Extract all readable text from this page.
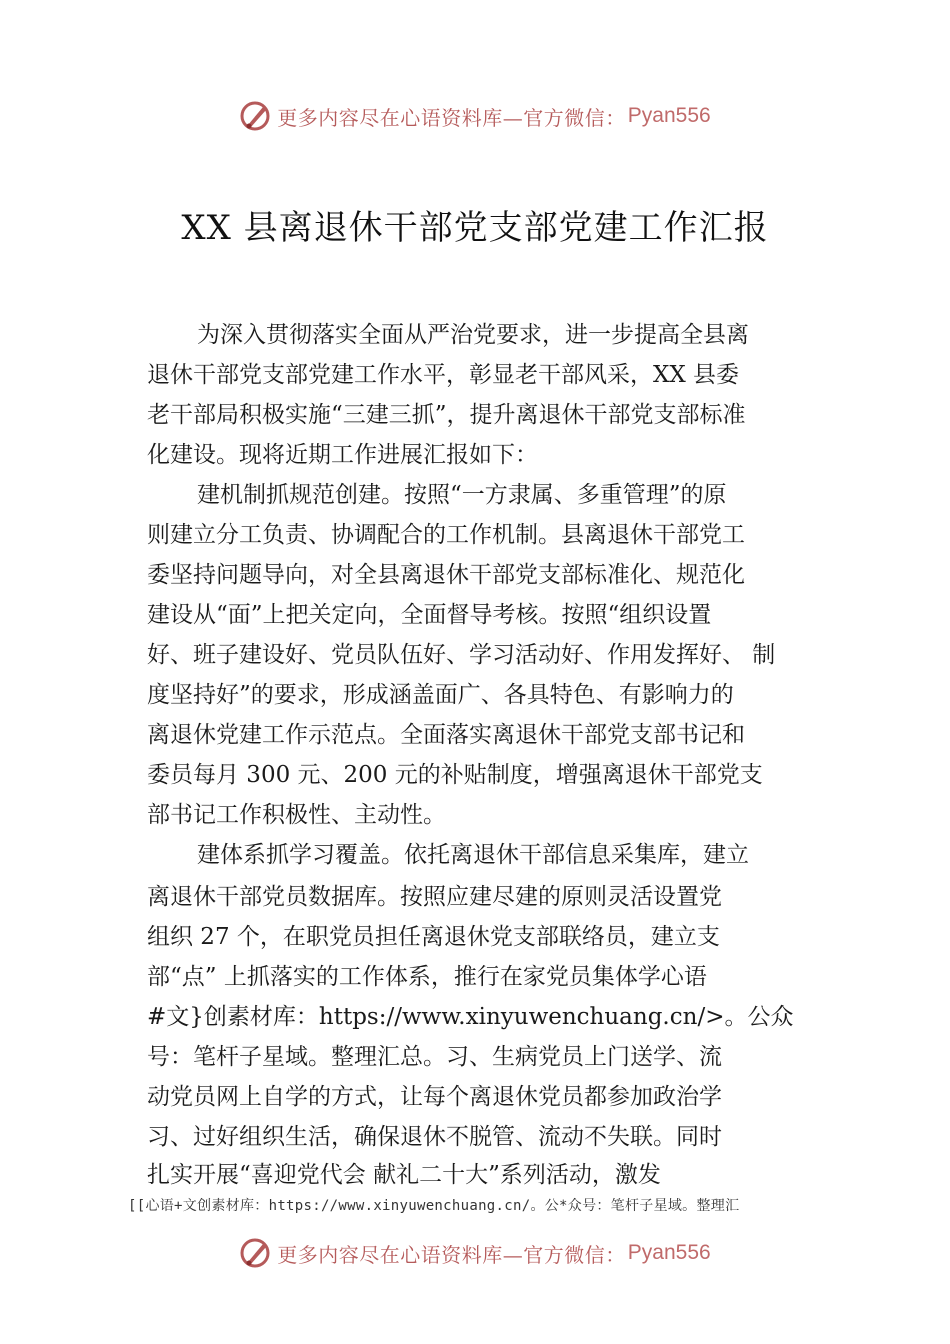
更多内容尽在心语资料库—官方微信： Pyan556
XX 县离退休干部党支部党建工作汇报
为深入贯彻落实全面从严治党要求，进一步提高全县离
退休干部党支部党建工作水平，彰显老干部风采，XX 县委
老干部局积极实施“三建三抓”，提升离退休干部党支部标准
化建设。现将近期工作进展汇报如下：
建机制抓规范创建。按照“一方隶属、多重管理”的原
则建立分工负责、协调配合的工作机制。县离退休干部党工
委坚持问题导向，对全县离退休干部党支部标准化、规范化
建设从“面”上把关定向，全面督导考核。按照“组织设置
好、班子建设好、党员队伍好、学习活动好、作用发挥好、 制
度坚持好”的要求，形成涵盖面广、各具特色、有影响力的
离退休党建工作示范点。全面落实离退休干部党支部书记和
委员每月 300 元、200 元的补贴制度，增强离退休干部党支
部书记工作积极性、主动性。
建体系抓学习覆盖。依托离退休干部信息采集库，建立
离退休干部党员数据库。按照应建尽建的原则灵活设置党
组织 27 个，在职党员担任离退休党支部联络员，建立支
部“点” 上抓落实的工作体系，推行在家党员集体学心语
#文}创素材库：https://www.xinyuwenchuang.cn/>。公众
号：笔杆子星域。整理汇总。习、生病党员上门送学、流
动党员网上自学的方式，让每个离退休党员都参加政治学
习、过好组织生活，确保退休不脱管、流动不失联。同时
扎实开展“喜迎党代会 献礼二十大”系列活动，激发
[[心语+文创素材库：https://www.xinyuwenchuang.cn/。公*众号：笔杆子星域。整理汇
更多内容尽在心语资料库—官方微信： Pyan556
